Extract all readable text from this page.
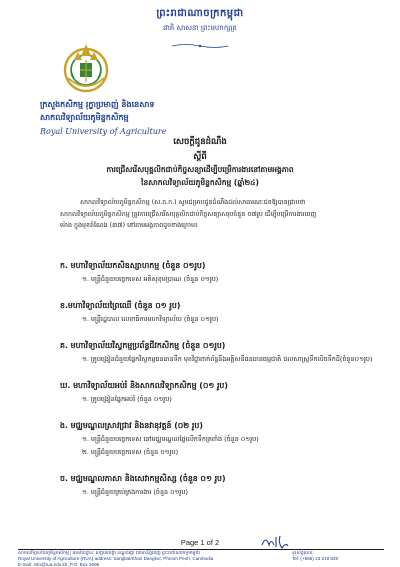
ព្រះរាជាណាចក្រកម្ពុជា
ជាតិ សាសនា ព្រះមហាក្សត្រ
ក្រសួងកសិកម្ម រុក្ខាប្រមាញ់ និងនេសាទ
សាកលវិទ្យាល័យភូមិន្ទកសិកម្ម
Royal University of Agriculture
សេចក្តីជូនដំណឹង
ស្តីពី
ការជ្រើសរើសបុគ្គលិកជាប់កិច្ចសន្យាដើម្បីបម្រើការងារនៅតាមអង្គភាព
នៃសាកលវិទ្យាល័យភូមិន្ទកសិកម្ម (ឆ្នាំ២៤)
សាកលវិទ្យាល័យភូមិន្ទកសិកម្ម (ស.ភ.ក.) សូមជម្រាបជូនដំណឹងដល់សាធារណៈជនឱ្យបានជ្រាបថា
សាកលវិទ្យាល័យភូមិន្ទកសិកម្ម ត្រូវការជ្រើសរើសបុគ្គលិកជាប់កិច្ចសន្យាសរុបចំនួន ០៧រូប ដើម្បីបម្រើការងារពេញ
ម៉ោង ក្នុងមុខតំណែង (៣៧) នៅតាមអង្គភាពដូចខាងក្រោម៖
ក. មហាវិទ្យាល័យកសិឧស្សាហកម្ម (ចំនួន ០១រូប)
១. មន្ត្រីជំនួយបច្ចេកទេស អតិសុខុមប្រាណ (ចំនួន ០១រូប)
ខ.មហាវិទ្យាល័យព្រៃឈើ (ចំនួន ០១ រូប)
១. មន្ត្រីរដ្ឋបាល លេខាធិការមហាវិទ្យាល័យ (ចំនួន ០១រូប)
គ. មហាវិទ្យាល័យវិស្វកម្មប្រព័ន្ធជីវកសិកម្ម (ចំនួន ០១រូប)
១. គ្រូបង្រៀនជំនួយផ្នែកវិស្វកម្មធនធានទឹក មុខវិជ្ជាពាក់ព័ន្ធនឹងអគ្គិសនីធនធានធម្មជាតិ ជលសាស្ត្រទឹកលិចទឹកដី(ចំនួន០១រូប)
ឃ. មហាវិទ្យាល័យអប់រំ និងសាកលវិទ្យាកសិកម្ម (០១ រូប)
១. គ្រូបង្រៀនផ្នែកអប់រំ (ចំនួន ០១រូប)
ង. មជ្ឈមណ្ឌលស្រាវជ្រាវ និងនវានុវត្តន៍ (០២ រូប)
១. មន្ត្រីជំនួយបច្ចេកទេស នៅមជ្ឈមណ្ឌលថ្លៃលើកទឹកត្រពាំង (ចំនួន ០១រូប)
២. មន្ត្រីជំនួយបច្ចេកទេស (ចំនួន ០១រូប)
ច. មជ្ឈមណ្ឌលភាសា និងសេវាកម្មសិស្ស (ចំនួន ០១ រូប)
១. មន្ត្រីជំនួយគ្រប់គ្រងការងារ (ចំនួន ០១រូប)
Page 1 of 2
សាកលវិទ្យាល័យភូមិន្ទកសិកម្ម | អាស័យដ្ឋាន: សង្កាត់ដង្កោ ខណ្ឌដង្កោ រាជធានីភ្នំពេញ ព្រះរាជាណាចក្រកម្ពុជា
Royal University of Agriculture (RUA) address: Sangkat/Khan Dangkor, Phnom Penh, Cambodia
E-mail: info@rua.edu.kh, P.O. Box 2696
ទូរស័ព្ទលេខ:
Tel: (+855) 23 219 829
